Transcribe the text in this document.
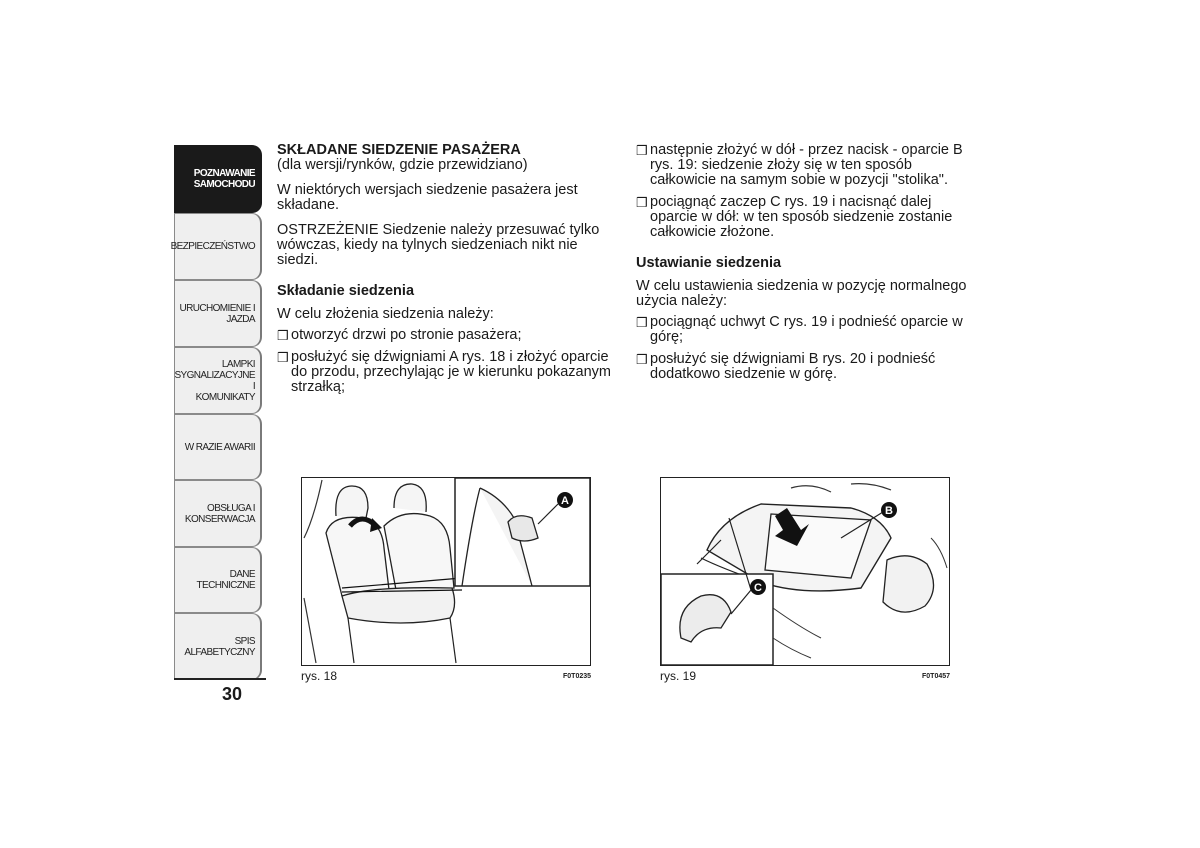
POZNAWANIE
SAMOCHODU
BEZPIECZEŃSTWO
URUCHOMIENIE I
JAZDA
LAMPKI
SYGNALIZACYJNE I
KOMUNIKATY
W RAZIE AWARII
OBSŁUGA I
KONSERWACJA
DANE TECHNICZNE
SPIS ALFABETYCZNY
30
SKŁADANE SIEDZENIE PASAŻERA

(dla wersji/rynków, gdzie przewidziano)

W niektórych wersjach siedzenie pasażera jest składane.

OSTRZEŻENIE Siedzenie należy przesuwać tylko wówczas, kiedy na tylnych siedzeniach nikt nie siedzi.

Składanie siedzenia

W celu złożenia siedzenia należy:

❒ otworzyć drzwi po stronie pasażera;
❒ posłużyć się dźwigniami A rys. 18 i złożyć oparcie do przodu, przechylając je w kierunku pokazanym strzałką;
❒ następnie złożyć w dół - przez nacisk - oparcie B rys. 19: siedzenie złoży się w ten sposób całkowicie na samym sobie w pozycji "stolika".
❒ pociągnąć zaczep C rys. 19 i nacisnąć dalej oparcie w dół: w ten sposób siedzenie zostanie całkowicie złożone.

Ustawianie siedzenia

W celu ustawienia siedzenia w pozycję normalnego użycia należy:

❒ pociągnąć uchwyt C rys. 19 i podnieść oparcie w górę;
❒ posłużyć się dźwigniami B rys. 20 i podnieść dodatkowo siedzenie w górę.
A
rys. 18	F0T0235
B
C
rys. 19	F0T0457
